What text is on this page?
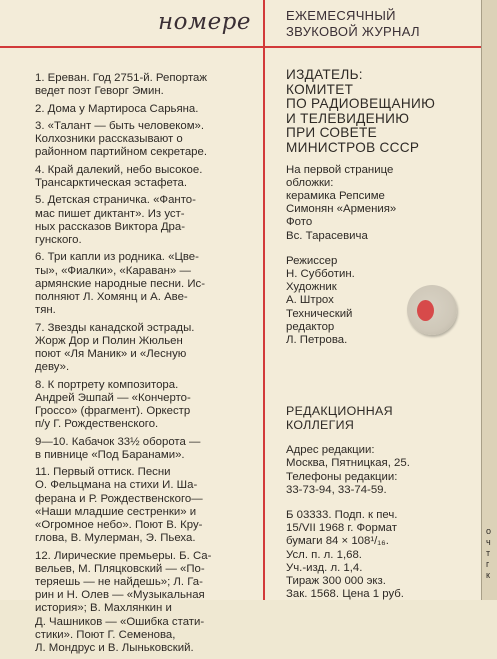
номере	ЕЖЕМЕСЯЧНЫЙ
ЗВУКОВОЙ ЖУРНАЛ
1. Ереван. Год 2751-й. Репортаж
ведет поэт Геворг Эмин.
2. Дома у Мартироса Сарьяна.
3. «Талант — быть человеком».
Колхозники рассказывают о
районном партийном секретаре.
4. Край далекий, небо высокое.
Трансарктическая эстафета.
5. Детская страничка. «Фанто-
мас пишет диктант». Из уст-
ных рассказов Виктора Дра-
гунского.
6. Три капли из родника. «Цве-
ты», «Фиалки», «Караван» —
армянские народные песни. Ис-
полняют Л. Хомянц и А. Аве-
тян.
7. Звезды канадской эстрады.
Жорж Дор и Полин Жюльен
поют «Ля Маник» и «Лесную
деву».
8. К портрету композитора.
Андрей Эшпай — «Кончерто-
Гроссо» (фрагмент). Оркестр
п/у Г. Рождественского.
9—10. Кабачок 33½ оборота —
в пивнице «Под Баранами».
11. Первый оттиск. Песни
О. Фельцмана на стихи И. Ша-
ферана и Р. Рождественского—
«Наши младшие сестренки» и
«Огромное небо». Поют В. Кру-
глова, В. Мулерман, Э. Пьеха.
12. Лирические премьеры. Б. Са-
вельев, М. Пляцковский — «По-
теряешь — не найдешь»; Л. Га-
рин и Н. Олев — «Музыкальная
история»; В. Махлянкин и
Д. Чашников — «Ошибка стати-
стики». Поют Г. Семенова,
Л. Мондрус и В. Лыньковский.
ИЗДАТЕЛЬ:
КОМИТЕТ
ПО РАДИОВЕЩАНИЮ
И ТЕЛЕВИДЕНИЮ
ПРИ СОВЕТЕ
МИНИСТРОВ СССР
На первой странице
обложки:
керамика Репсиме
Симонян «Армения»
Фото
Вс. Тарасевича
Режиссер
Н. Субботин.
Художник
А. Штрох
Технический
редактор
Л. Петрова.
РЕДАКЦИОННАЯ
КОЛЛЕГИЯ
Адрес редакции:
Москва, Пятницкая, 25.
Телефоны редакции:
33-73-94, 33-74-59.
Б 03333. Подп. к печ.
15/VII 1968 г. Формат
бумаги 84 × 108¹/₁₆.
Усл. п. л. 1,68.
Уч.-изд. л. 1,4.
Тираж 300 000 экз.
Зак. 1568. Цена 1 руб.
о
ч
т
г
к
